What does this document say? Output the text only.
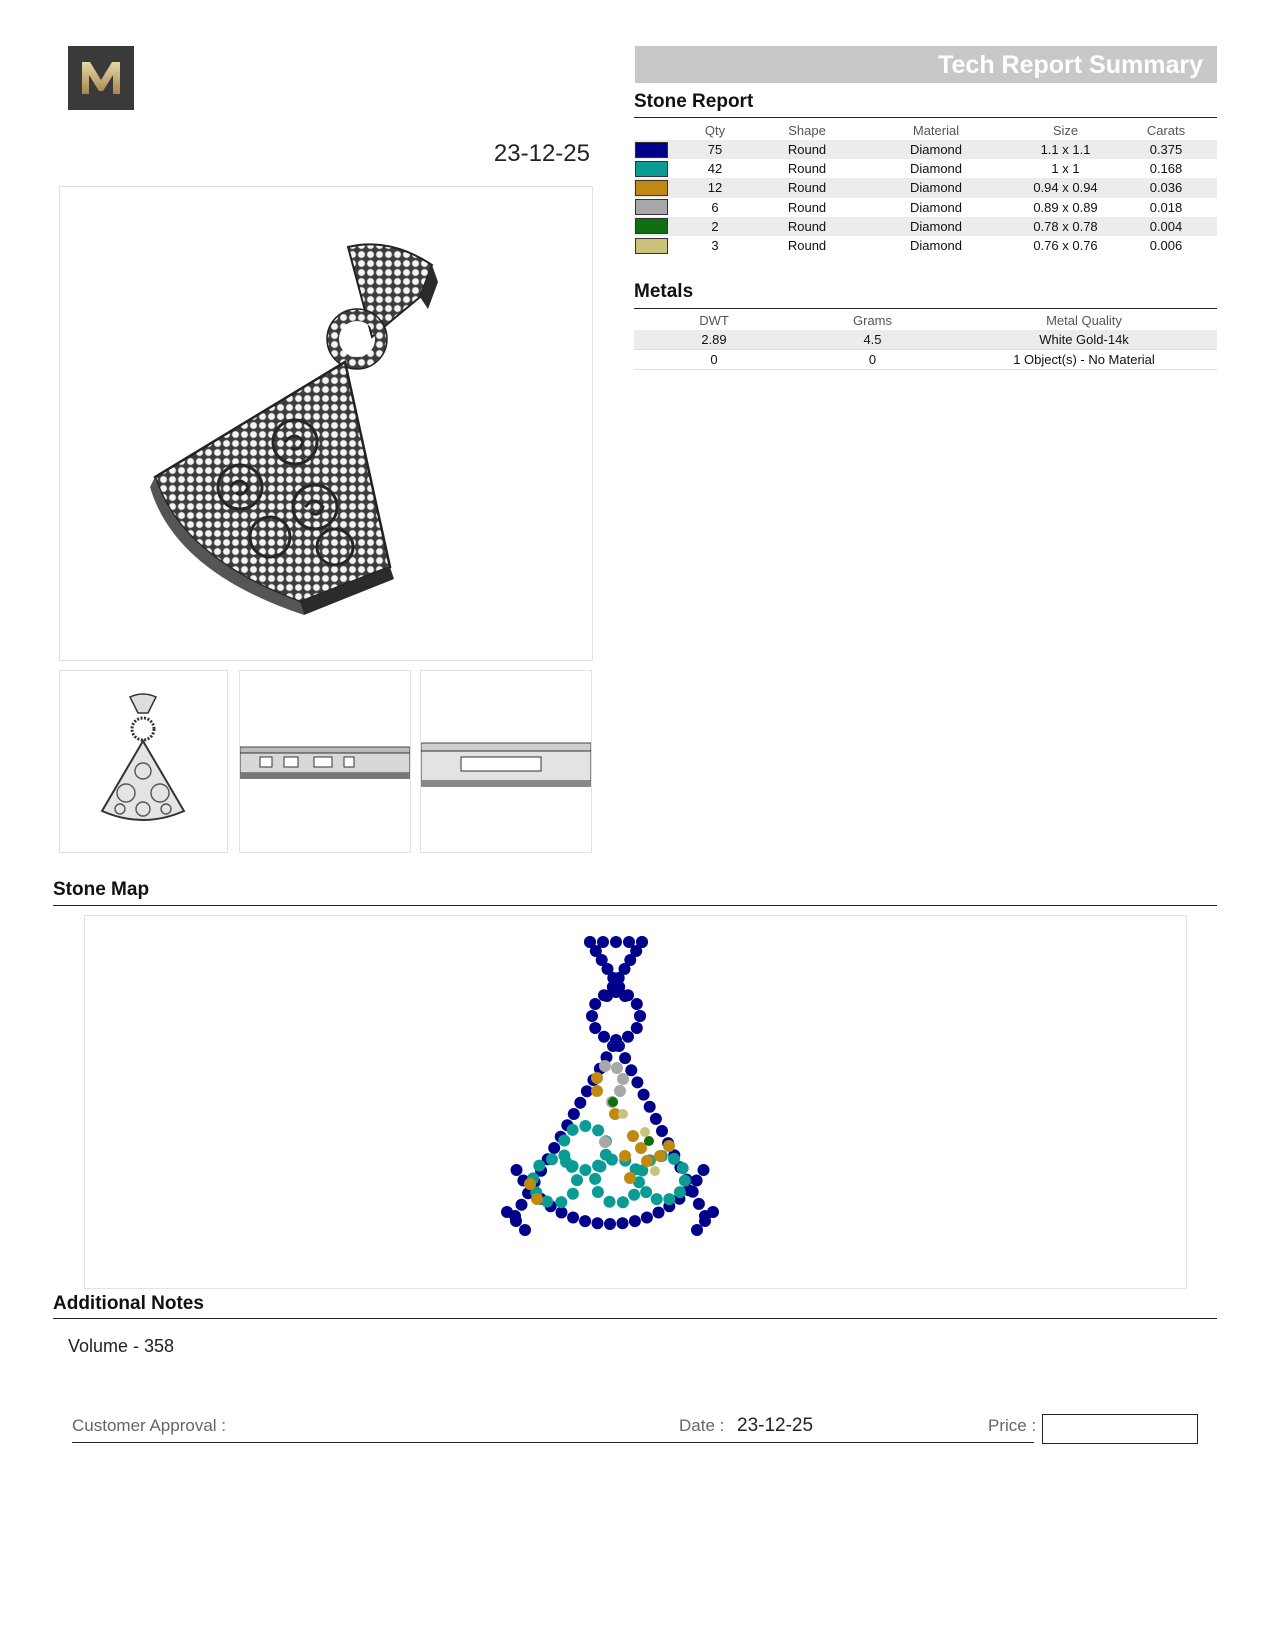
23-12-25
Tech Report Summary
Stone Report
	Qty	Shape	Material	Size	Carats

	75	Round	Diamond	1.1 x 1.1	0.375

	42	Round	Diamond	1 x 1	0.168

	12	Round	Diamond	0.94 x 0.94	0.036

	6	Round	Diamond	0.89 x 0.89	0.018

	2	Round	Diamond	0.78 x 0.78	0.004

	3	Round	Diamond	0.76 x 0.76	0.006
Metals
DWT	Grams	Metal Quality
2.89	4.5	White Gold-14k
0	0	1 Object(s) - No Material
Stone Map
Additional Notes
Volume - 358
Customer Approval :	Date : 23-12-25	Price :
